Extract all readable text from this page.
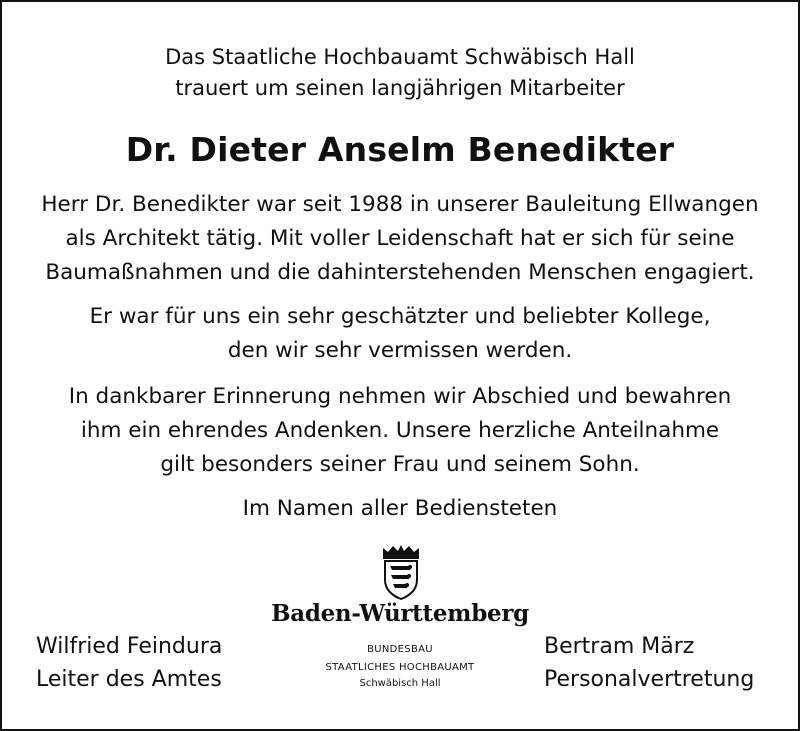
Das Staatliche Hochbauamt Schwäbisch Hall
trauert um seinen langjährigen Mitarbeiter
Dr. Dieter Anselm Benedikter
Herr Dr. Benedikter war seit 1988 in unserer Bauleitung Ellwangen
als Architekt tätig. Mit voller Leidenschaft hat er sich für seine
Baumaßnahmen und die dahinterstehenden Menschen engagiert.
Er war für uns ein sehr geschätzter und beliebter Kollege,
den wir sehr vermissen werden.
In dankbarer Erinnerung nehmen wir Abschied und bewahren
ihm ein ehrendes Andenken. Unsere herzliche Anteilnahme
gilt besonders seiner Frau und seinem Sohn.
Im Namen aller Bediensteten
Baden-Württemberg
BUNDESBAU
STAATLICHES HOCHBAUAMT
Schwäbisch Hall
Wilfried Feindura
Leiter des Amtes
Bertram März
Personalvertretung
